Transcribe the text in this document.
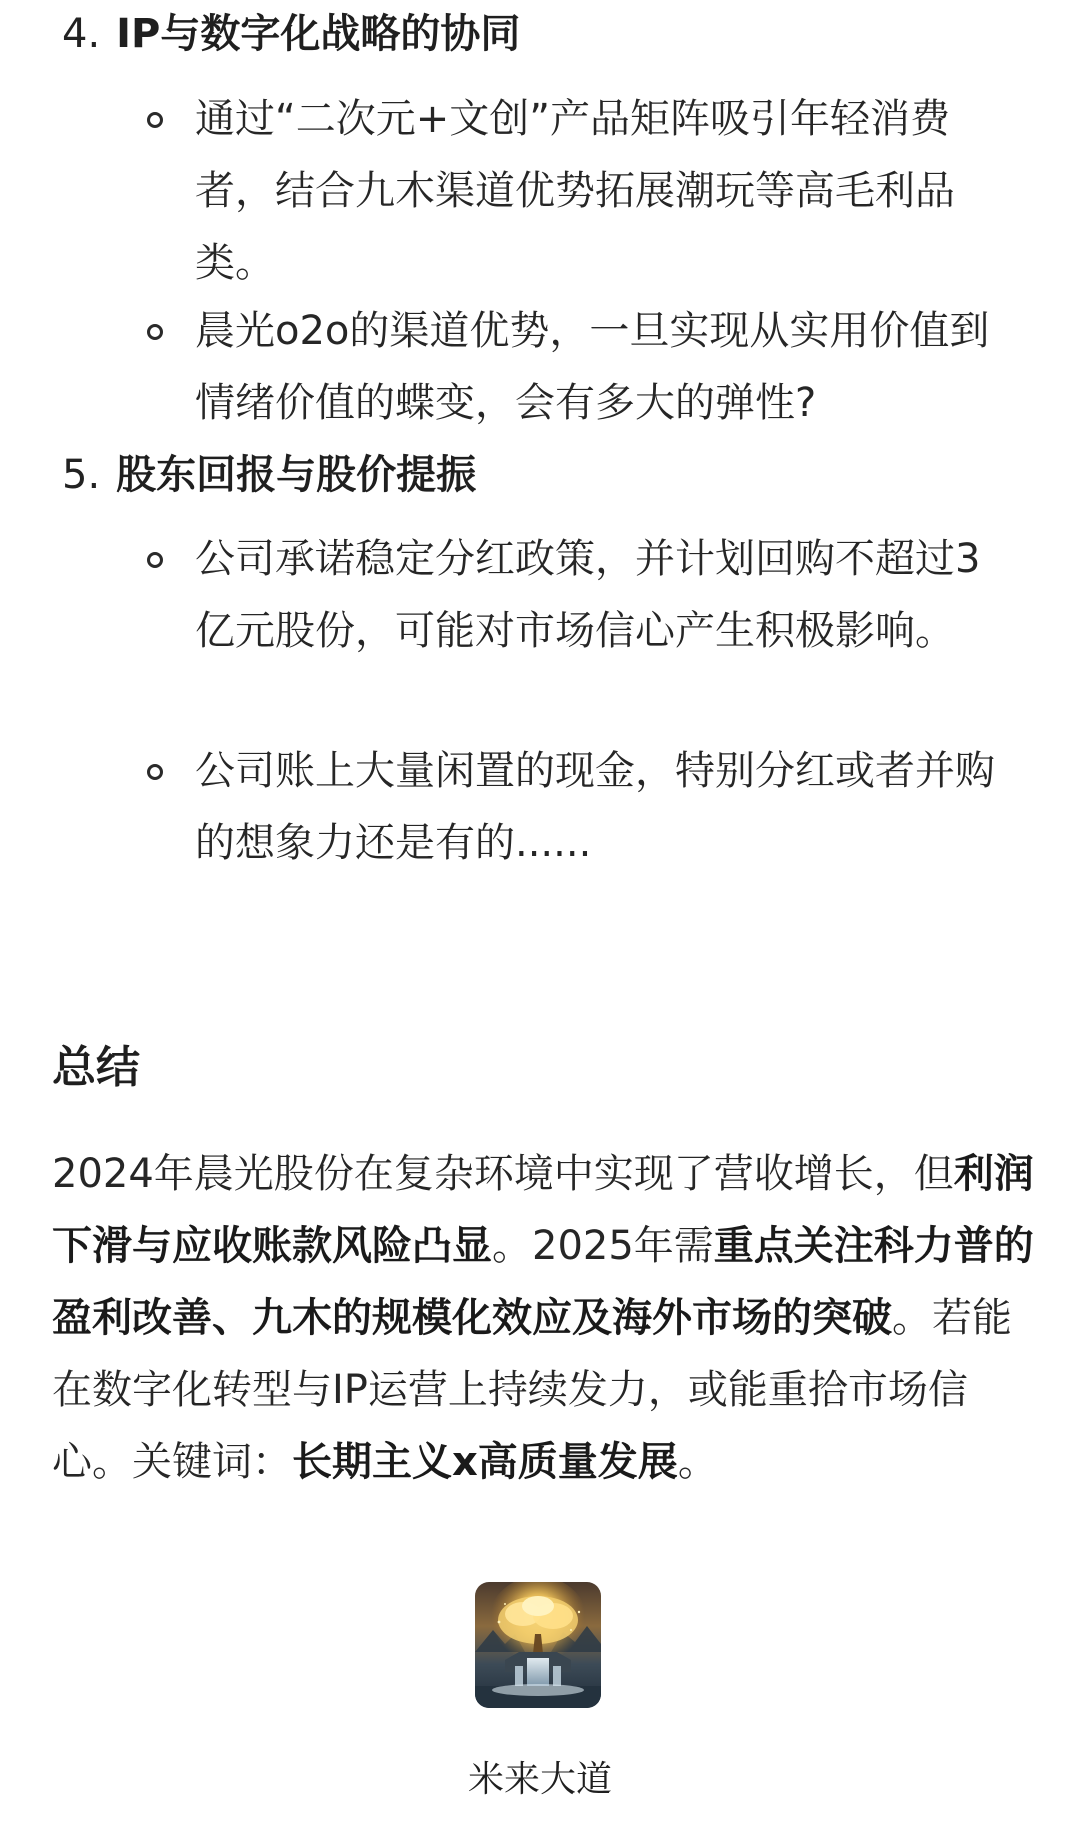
4. IP与数字化战略的协同

通过“二次元+文创”产品矩阵吸引年轻消费者，结合九木渠道优势拓展潮玩等高毛利品类。

晨光o2o的渠道优势，一旦实现从实用价值到情绪价值的蝶变，会有多大的弹性?

5. 股东回报与股价提振

公司承诺稳定分红政策，并计划回购不超过3亿元股份，可能对市场信心产生积极影响。

公司账上大量闲置的现金，特别分红或者并购的想象力还是有的......

总结

2024年晨光股份在复杂环境中实现了营收增长，但利润下滑与应收账款风险凸显。2025年需重点关注科力普的盈利改善、九木的规模化效应及海外市场的突破。若能在数字化转型与IP运营上持续发力，或能重拾市场信心。关键词：长期主义x高质量发展。

米来大道
